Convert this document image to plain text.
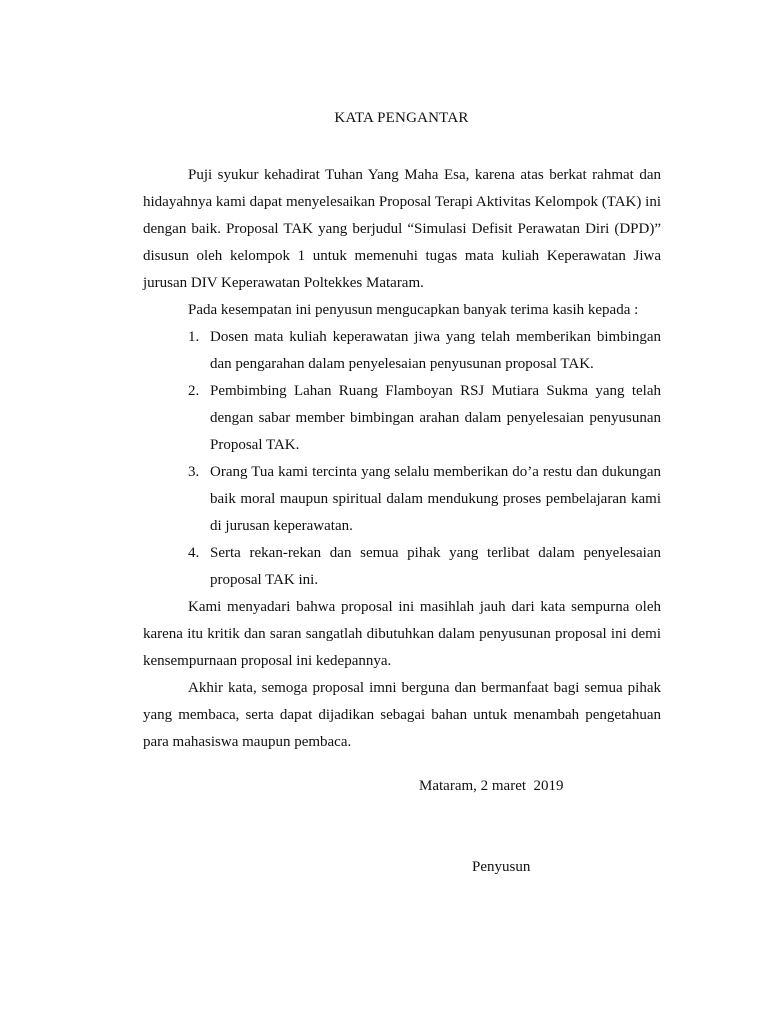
KATA PENGANTAR

Puji syukur kehadirat Tuhan Yang Maha Esa, karena atas berkat rahmat dan hidayahnya kami dapat menyelesaikan Proposal Terapi Aktivitas Kelompok (TAK) ini dengan baik. Proposal TAK yang berjudul “Simulasi Defisit Perawatan Diri (DPD)” disusun oleh kelompok 1 untuk memenuhi tugas mata kuliah Keperawatan Jiwa jurusan DIV Keperawatan Poltekkes Mataram.

Pada kesempatan ini penyusun mengucapkan banyak terima kasih kepada :

1. Dosen mata kuliah keperawatan jiwa yang telah memberikan bimbingan dan pengarahan dalam penyelesaian penyusunan proposal TAK.
2. Pembimbing Lahan Ruang Flamboyan RSJ Mutiara Sukma yang telah dengan sabar member bimbingan arahan dalam penyelesaian penyusunan Proposal TAK.
3. Orang Tua kami tercinta yang selalu memberikan do’a restu dan dukungan baik moral maupun spiritual dalam mendukung proses pembelajaran kami di jurusan keperawatan.
4. Serta rekan-rekan dan semua pihak yang terlibat dalam penyelesaian proposal TAK ini.

Kami menyadari bahwa proposal ini masihlah jauh dari kata sempurna oleh karena itu kritik dan saran sangatlah dibutuhkan dalam penyusunan proposal ini demi kensempurnaan proposal ini kedepannya.

Akhir kata, semoga proposal imni berguna dan bermanfaat bagi semua pihak yang membaca, serta dapat dijadikan sebagai bahan untuk menambah pengetahuan para mahasiswa maupun pembaca.

Mataram, 2 maret  2019
Penyusun
